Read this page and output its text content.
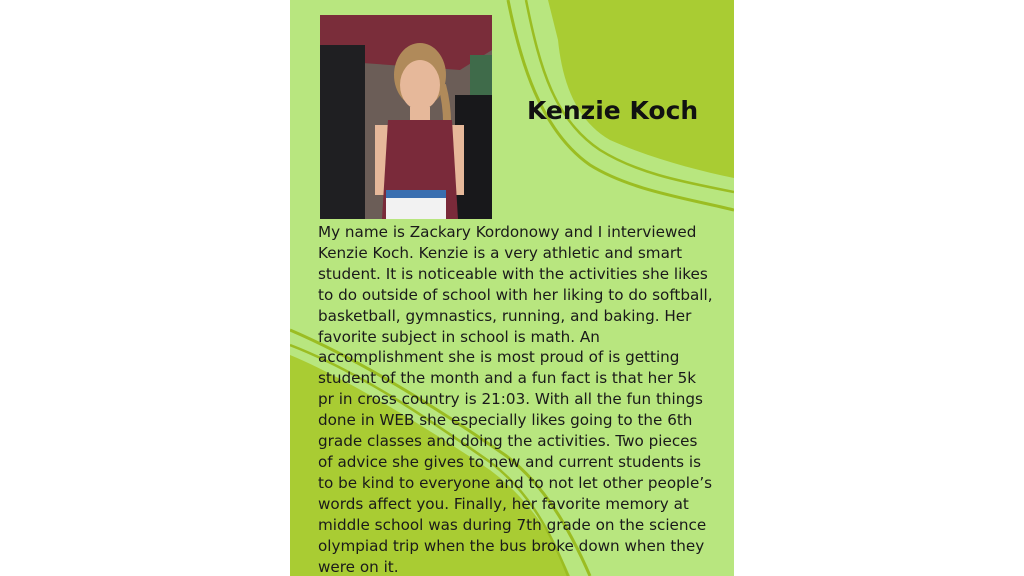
Kenzie Koch
My name is Zackary Kordonowy and I interviewed Kenzie Koch. Kenzie is a very athletic and smart student. It is noticeable with the activities she likes to do outside of school with her liking to do softball, basketball, gymnastics, running, and baking. Her favorite subject in school is math. An accomplishment she is most proud of is getting student of the month and a fun fact is that her 5k pr in cross country is 21:03. With all the fun things done in WEB she especially likes going to the 6th grade classes and doing the activities. Two pieces of advice she gives to new and current students is to be kind to everyone and to not let other people’s words affect you. Finally, her favorite memory at middle school was during 7th grade on the science olympiad trip when the bus broke down when they were on it.
